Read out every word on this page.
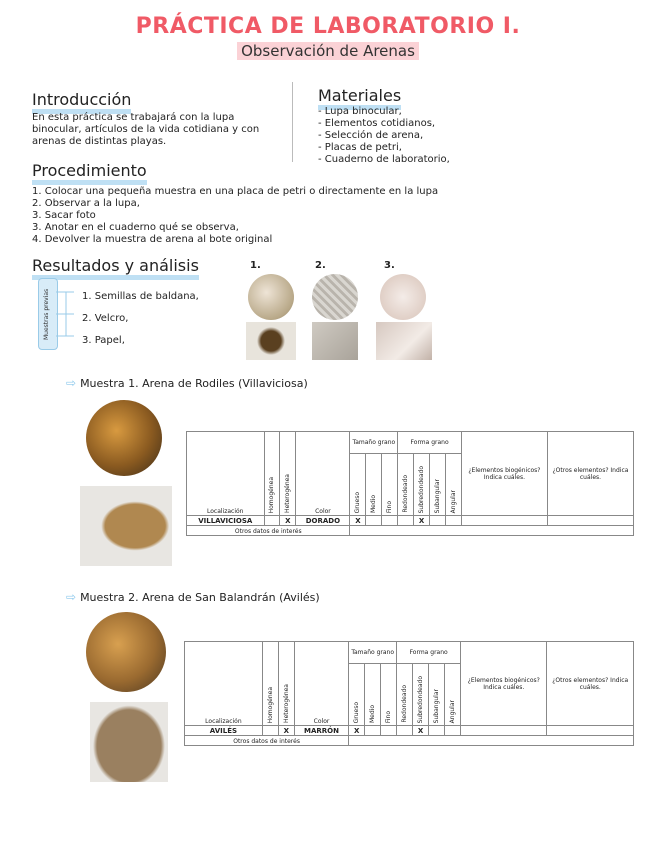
PRÁCTICA DE LABORATORIO I.
Observación de Arenas
Introducción
En esta práctica se trabajará con la lupa binocular, artículos de la vida cotidiana y con arenas de distintas playas.
Materiales
- Lupa binocular,
- Elementos cotidianos,
- Selección de arena,
- Placas de petri,
- Cuaderno de laboratorio,
Procedimiento
1. Colocar una pequeña muestra en una placa de petri o directamente en la lupa
2. Observar a la lupa,
3. Sacar foto
3. Anotar en el cuaderno qué se observa,
4. Devolver la muestra de arena al bote original
Resultados y análisis
Muestras previas	1. Semillas de baldana,
2. Velcro,
3. Papel,
1.	2.	3.
⇨ Muestra 1. Arena de Rodiles (Villaviciosa)
Localización	Homogénea	Heterogénea	Color	Tamaño grano			Forma grano				¿Elementos biogénicos? Indica cuáles.	¿Otros elementos? Indica cuáles.
				Grueso	Medio	Fino	Redondeado	Subredondeado	Subangular	Angular		
VILLAVICIOSA		X	DORADO	X				X				
Otros datos de interés												
⇨ Muestra 2. Arena de San Balandrán (Avilés)
Localización	Homogénea	Heterogénea	Color	Tamaño grano			Forma grano				¿Elementos biogénicos? Indica cuáles.	¿Otros elementos? Indica cuáles.
				Grueso	Medio	Fino	Redondeado	Subredondeado	Subangular	Angular		
AVILÉS		X	MARRÓN	X				X				
Otros datos de interés												
